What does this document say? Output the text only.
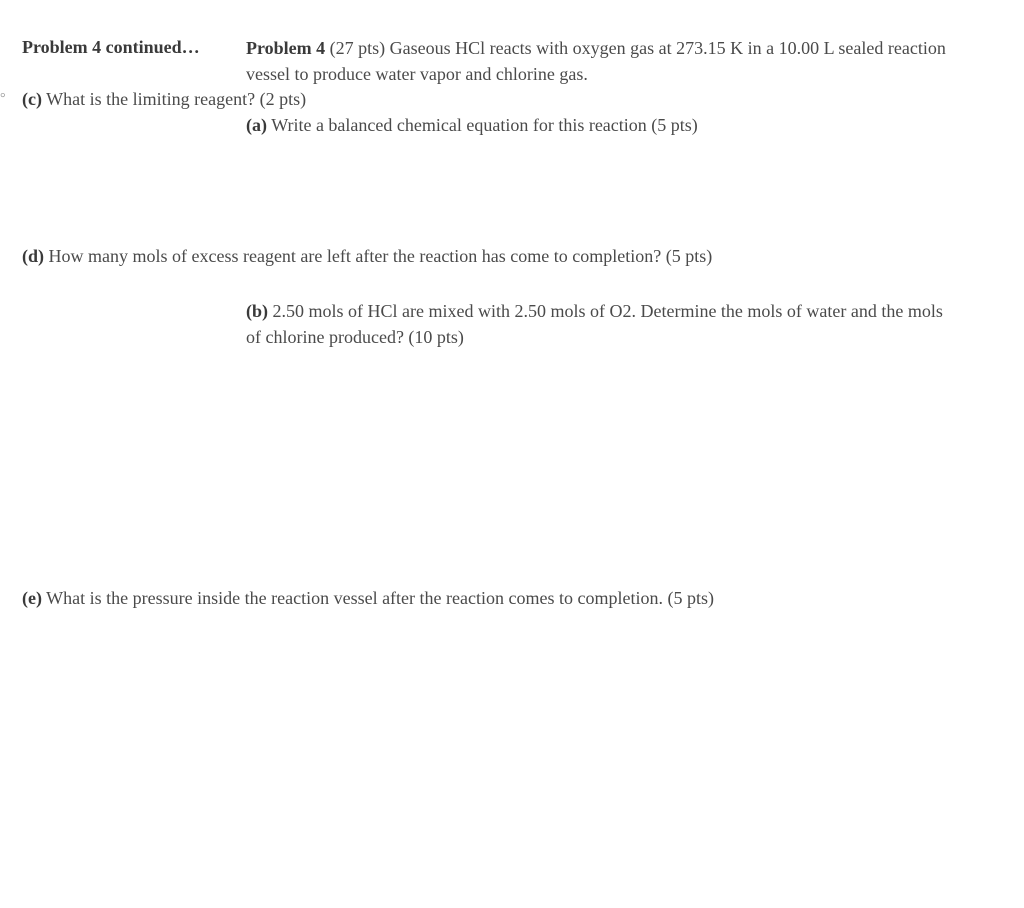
°
Problem 4 continued…	Problem 4 (27 pts) Gaseous HCl reacts with oxygen gas at 273.15 K in a 10.00 L sealed reaction
vessel to produce water vapor and chlorine gas.
(c) What is the limiting reagent? (2 pts)
(a) Write a balanced chemical equation for this reaction (5 pts)
(d) How many mols of excess reagent are left after the reaction has come to completion? (5 pts)
(b) 2.50 mols of HCl are mixed with 2.50 mols of O2. Determine the mols of water and the mols
of chlorine produced? (10 pts)
(e) What is the pressure inside the reaction vessel after the reaction comes to completion. (5 pts)
